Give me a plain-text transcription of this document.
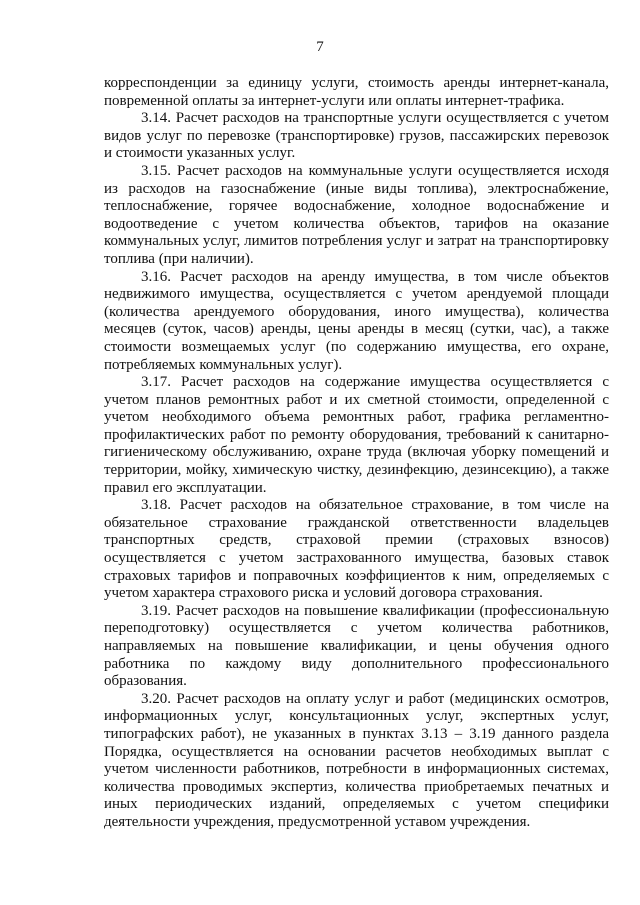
7

корреспонденции за единицу услуги, стоимость аренды интернет-канала, повременной оплаты за интернет-услуги или оплаты интернет-трафика.

3.14. Расчет расходов на транспортные услуги осуществляется с учетом видов услуг по перевозке (транспортировке) грузов, пассажирских перевозок и стоимости указанных услуг.

3.15. Расчет расходов на коммунальные услуги осуществляется исходя из расходов на газоснабжение (иные виды топлива), электроснабжение, теплоснабжение, горячее водоснабжение, холодное водоснабжение и водоотведение с учетом количества объектов, тарифов на оказание коммунальных услуг, лимитов потребления услуг и затрат на транспортировку топлива (при наличии).

3.16. Расчет расходов на аренду имущества, в том числе объектов недвижимого имущества, осуществляется с учетом арендуемой площади (количества арендуемого оборудования, иного имущества), количества месяцев (суток, часов) аренды, цены аренды в месяц (сутки, час), а также стоимости возмещаемых услуг (по содержанию имущества, его охране, потребляемых коммунальных услуг).

3.17. Расчет расходов на содержание имущества осуществляется с учетом планов ремонтных работ и их сметной стоимости, определенной с учетом необходимого объема ремонтных работ, графика регламентно-профилактических работ по ремонту оборудования, требований к санитарно-гигиеническому обслуживанию, охране труда (включая уборку помещений и территории, мойку, химическую чистку, дезинфекцию, дезинсекцию), а также правил его эксплуатации.

3.18. Расчет расходов на обязательное страхование, в том числе на обязательное страхование гражданской ответственности владельцев транспортных средств, страховой премии (страховых взносов) осуществляется с учетом застрахованного имущества, базовых ставок страховых тарифов и поправочных коэффициентов к ним, определяемых с учетом характера страхового риска и условий договора страхования.

3.19. Расчет расходов на повышение квалификации (профессиональную переподготовку) осуществляется с учетом количества работников, направляемых на повышение квалификации, и цены обучения одного работника по каждому виду дополнительного профессионального образования.

3.20. Расчет расходов на оплату услуг и работ (медицинских осмотров, информационных услуг, консультационных услуг, экспертных услуг, типографских работ), не указанных в пунктах 3.13 – 3.19 данного раздела Порядка, осуществляется на основании расчетов необходимых выплат с учетом численности работников, потребности в информационных системах, количества проводимых экспертиз, количества приобретаемых печатных и иных периодических изданий, определяемых с учетом специфики деятельности учреждения, предусмотренной уставом учреждения.
